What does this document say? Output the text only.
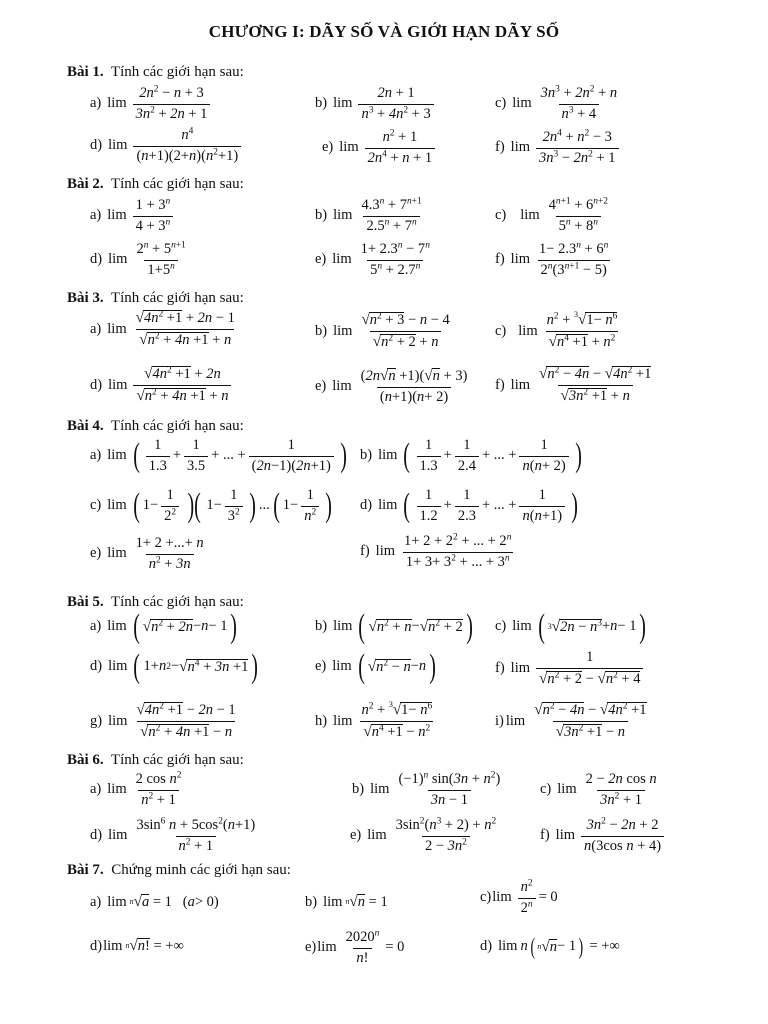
CHƯƠNG I: DÃY SỐ VÀ GIỚI HẠN DÃY SỐ
Bài 1. Tính các giới hạn sau:
a) $\lim \frac{2n^2 - n + 3}{3n^2 + 2n + 1}$	b) $\lim \frac{2n + 1}{n^3 + 4n^2 + 3}$	c) $\lim \frac{3n^3 + 2n^2 + n}{n^3 + 4}$
d) $\lim \frac{n^4}{(n+1)(2+n)(n^2+1)}$	e) $\lim \frac{n^2 + 1}{2n^4 + n + 1}$	f) $\lim \frac{2n^4 + n^2 - 3}{3n^3 - 2n^2 + 1}$
Bài 2. Tính các giới hạn sau:
a) $\lim \frac{1 + 3^n}{4 + 3^n}$	b) $\lim \frac{4.3^n + 7^{n+1}}{2.5^n + 7^n}$	c) $\lim \frac{4^{n+1} + 6^{n+2}}{5^n + 8^n}$
d) $\lim \frac{2^n + 5^{n+1}}{1+5^n}$	e) $\lim \frac{1+ 2.3^n - 7^n}{5^n + 2.7^n}$	f) $\lim \frac{1- 2.3^n + 6^n}{2^n(3^{n+1} - 5)}$
Bài 3. Tính các giới hạn sau:
a) lim
√ $4n^2 +1 + 2n - 1$
√ $n^2 + 4n +1 + n$	b) lim
√ $n^2 + 3 - n - 4$
√ $n^2 + 2 + n$	c) $\lim n^2 + ^3$
√ $1- n^6$
√ $n^4 +1 + n^2$
d) lim
√ $4n^2 +1 + 2n$
√ $n^2 + 4n +1 + n$	e) lim (2n
√ n +1)(
√ n + 3)
(n+1)(n+ 2) f) lim
√ $n^2 - 4n$ −
√ $4n^2 +1$
√ $3n^2 +1 + n$
Bài 4. Tính các giới hạn sau:
a) lim ( $\frac{1}{1.3} + \frac{1}{3.5}$ + ... + $\frac{1}{(2n-1)(2n+1)}$ ) b) lim ( $\frac{1}{1.3} + \frac{1}{2.4}$ + ... + $\frac{1}{n(n+ 2)}$ )
c) lim ( $1- \frac{1}{2^2}$ )( $1- \frac{1}{3^2}$ ) ... ( $1- \frac{1}{n^2}$ ) d) lim ( $\frac{1}{1.2} + \frac{1}{2.3}$ + ... + $\frac{1}{n(n+1)}$ )
e) $\lim \frac{1+ 2 +...+ n}{n^2 + 3n}$	f) $\lim \frac{1+ 2 + 2^2 + ... + 2^n}{1+ 3+ 3^2 + ... + 3^n}$
Bài 5. Tính các giới hạn sau:
a) lim (
√ $n^2 + 2n - n - 1$ )	b) lim (
√ $n^2 + n$ −
√ $n^2 + 2$ ) c) lim ( 3
√ $2n - n^3 + n - 1$ )
d) lim ( 1+ n 2 −
√ $n^4 + 3n +1$ )	e) lim (
√ $n^2 - n - n$ )	f) lim 1
√ $n^2 + 2$ −
√ $n^2 + 4$
g) lim
√ $4n^2 +1 - 2n - 1$
√ $n^2 + 4n +1 - n$	h) $\lim n^2 + ^3$
√ $1- n^6$
√ $n^4 +1 - n^2$	i) lim
√ $n^2 - 4n$ −
√ $4n^2 +1$
√ $3n^2 +1 - n$
Bài 6. Tính các giới hạn sau:
a) $\lim \frac{2 \cos n^2}{n^2 + 1}$	b) $\lim \frac{(-1)^n \sin(3n + n^2)}{3n - 1}$	c) $\lim \frac{\text{2 − 2n cos n}}{3n^2 + 1}$
d) $\lim \frac{3\sin^6 n + 5\cos^2(n+1)}{n^2 + 1}$	e) $\lim \frac{3\sin^2(n^3 + 2) + n^2}{2 - 3n^2}$	f) $\lim \frac{3n^2 - 2n + 2}{\text{n(3cos n + 4)}}$
Bài 7. Chứng minh các giới hạn sau:
a) lim n
√ a = 1   ( a > 0)	b) lim n
√ n = 1	c) $\lim \frac{n^2}{2^n} = 0$
d) lim n
√ n! = +∞	e) $\lim \frac{2020^n}{n!} = 0$	d) lim n ( n
√ n − 1 ) = +∞
